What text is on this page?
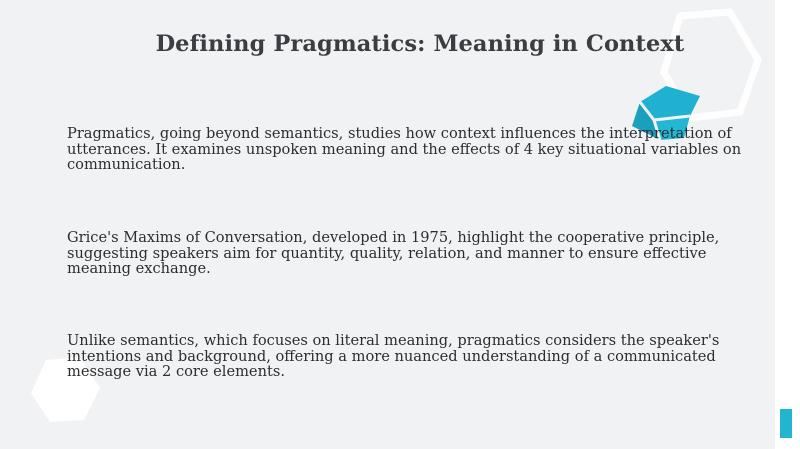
Defining Pragmatics: Meaning in Context

Pragmatics, going beyond semantics, studies how context influences the interpretation of utterances. It examines unspoken meaning and the effects of 4 key situational variables on communication.

Grice's Maxims of Conversation, developed in 1975, highlight the cooperative principle, suggesting speakers aim for quantity, quality, relation, and manner to ensure effective meaning exchange.

Unlike semantics, which focuses on literal meaning, pragmatics considers the speaker's intentions and background, offering a more nuanced understanding of a communicated message via 2 core elements.
